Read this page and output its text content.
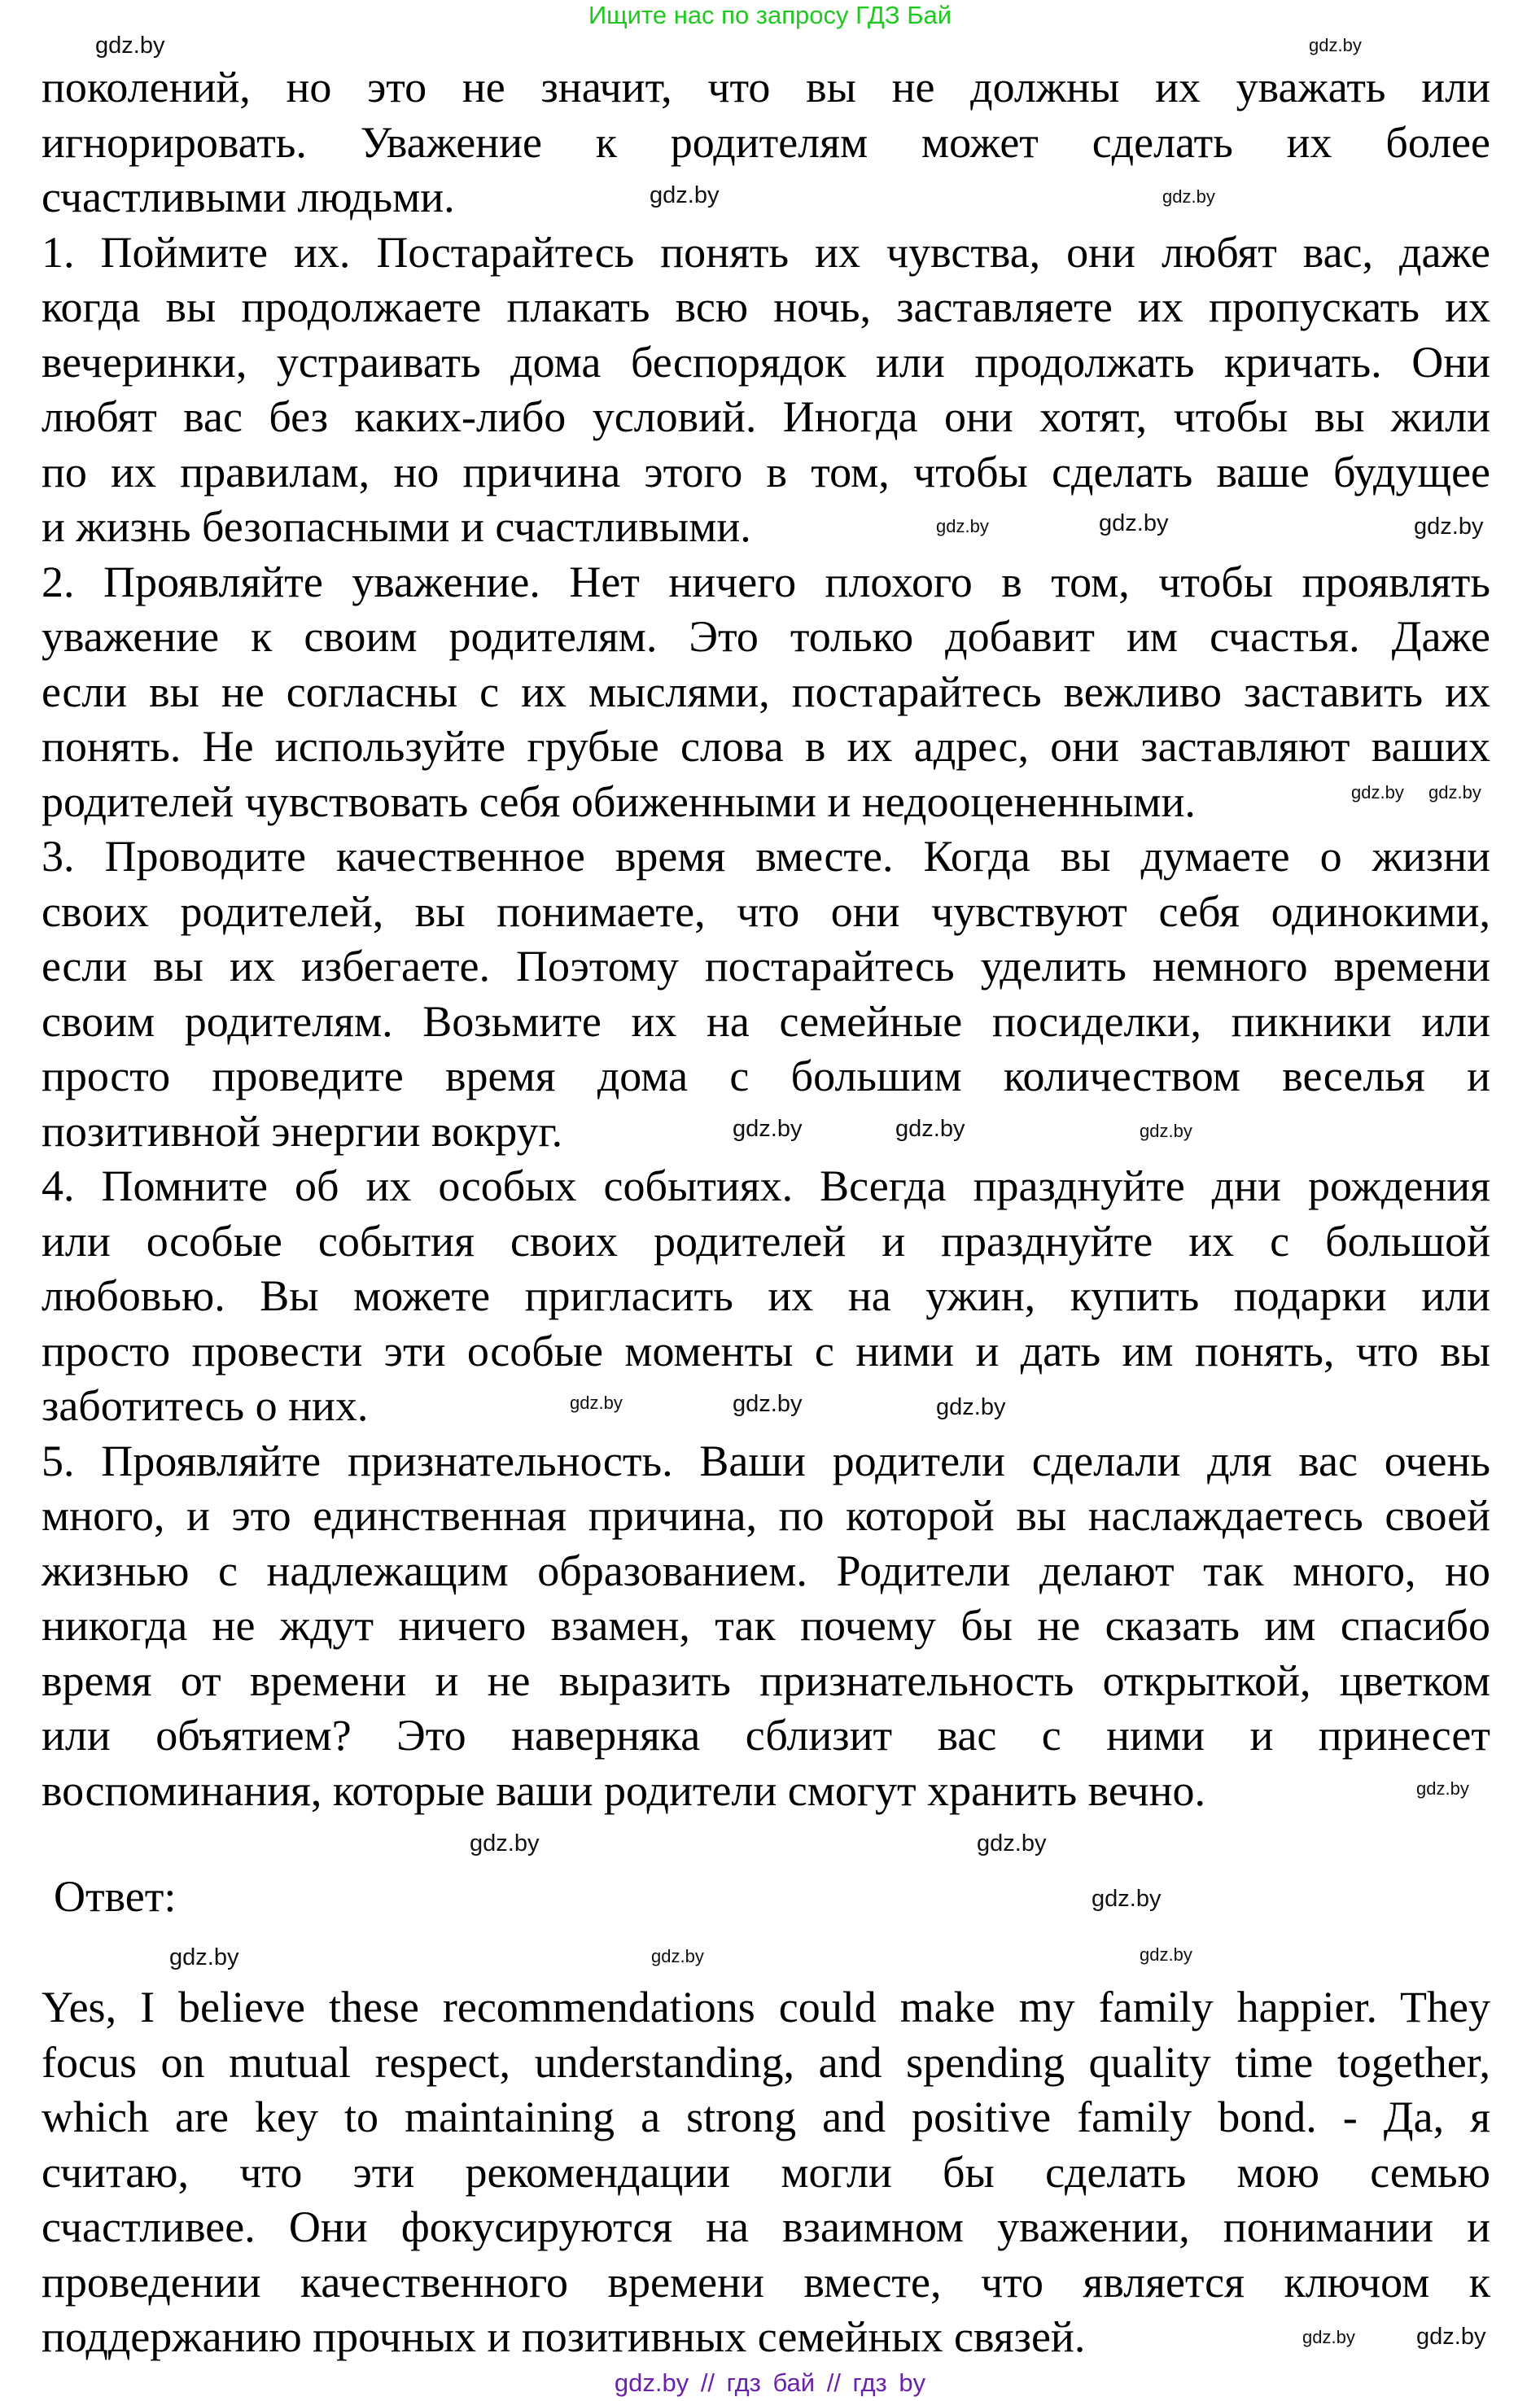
Ищите нас по запросу ГДЗ Бай
поколений, но это не значит, что вы не должны их уважать или
игнорировать. Уважение к родителям может сделать их более
счастливыми людьми.
1. Поймите их. Постарайтесь понять их чувства, они любят вас, даже
когда вы продолжаете плакать всю ночь, заставляете их пропускать их
вечеринки, устраивать дома беспорядок или продолжать кричать. Они
любят вас без каких-либо условий. Иногда они хотят, чтобы вы жили
по их правилам, но причина этого в том, чтобы сделать ваше будущее
и жизнь безопасными и счастливыми.
2. Проявляйте уважение. Нет ничего плохого в том, чтобы проявлять
уважение к своим родителям. Это только добавит им счастья. Даже
если вы не согласны с их мыслями, постарайтесь вежливо заставить их
понять. Не используйте грубые слова в их адрес, они заставляют ваших
родителей чувствовать себя обиженными и недооцененными.
3. Проводите качественное время вместе. Когда вы думаете о жизни
своих родителей, вы понимаете, что они чувствуют себя одинокими,
если вы их избегаете. Поэтому постарайтесь уделить немного времени
своим родителям. Возьмите их на семейные посиделки, пикники или
просто проведите время дома с большим количеством веселья и
позитивной энергии вокруг.
4. Помните об их особых событиях. Всегда празднуйте дни рождения
или особые события своих родителей и празднуйте их с большой
любовью. Вы можете пригласить их на ужин, купить подарки или
просто провести эти особые моменты с ними и дать им понять, что вы
заботитесь о них.
5. Проявляйте признательность. Ваши родители сделали для вас очень
много, и это единственная причина, по которой вы наслаждаетесь своей
жизнью с надлежащим образованием. Родители делают так много, но
никогда не ждут ничего взамен, так почему бы не сказать им спасибо
время от времени и не выразить признательность открыткой, цветком
или объятием? Это наверняка сблизит вас с ними и принесет
воспоминания, которые ваши родители смогут хранить вечно.
Ответ:
Yes, I believe these recommendations could make my family happier. They
focus on mutual respect, understanding, and spending quality time together,
which are key to maintaining a strong and positive family bond. - Да, я
считаю, что эти рекомендации могли бы сделать мою семью
счастливее. Они фокусируются на взаимном уважении, понимании и
проведении качественного времени вместе, что является ключом к
поддержанию прочных и позитивных семейных связей.
gdz.by	gdz.by
gdz.by	gdz.by
gdz.by	gdz.by	gdz.by
gdz.by gdz.by
gdz.by	gdz.by	gdz.by
gdz.by	gdz.by	gdz.by
gdz.by
gdz.by
gdz.by
gdz.by
gdz.by	gdz.by	gdz.by
gdz.by	gdz.by
gdz.by // гдз бай // гдз by
